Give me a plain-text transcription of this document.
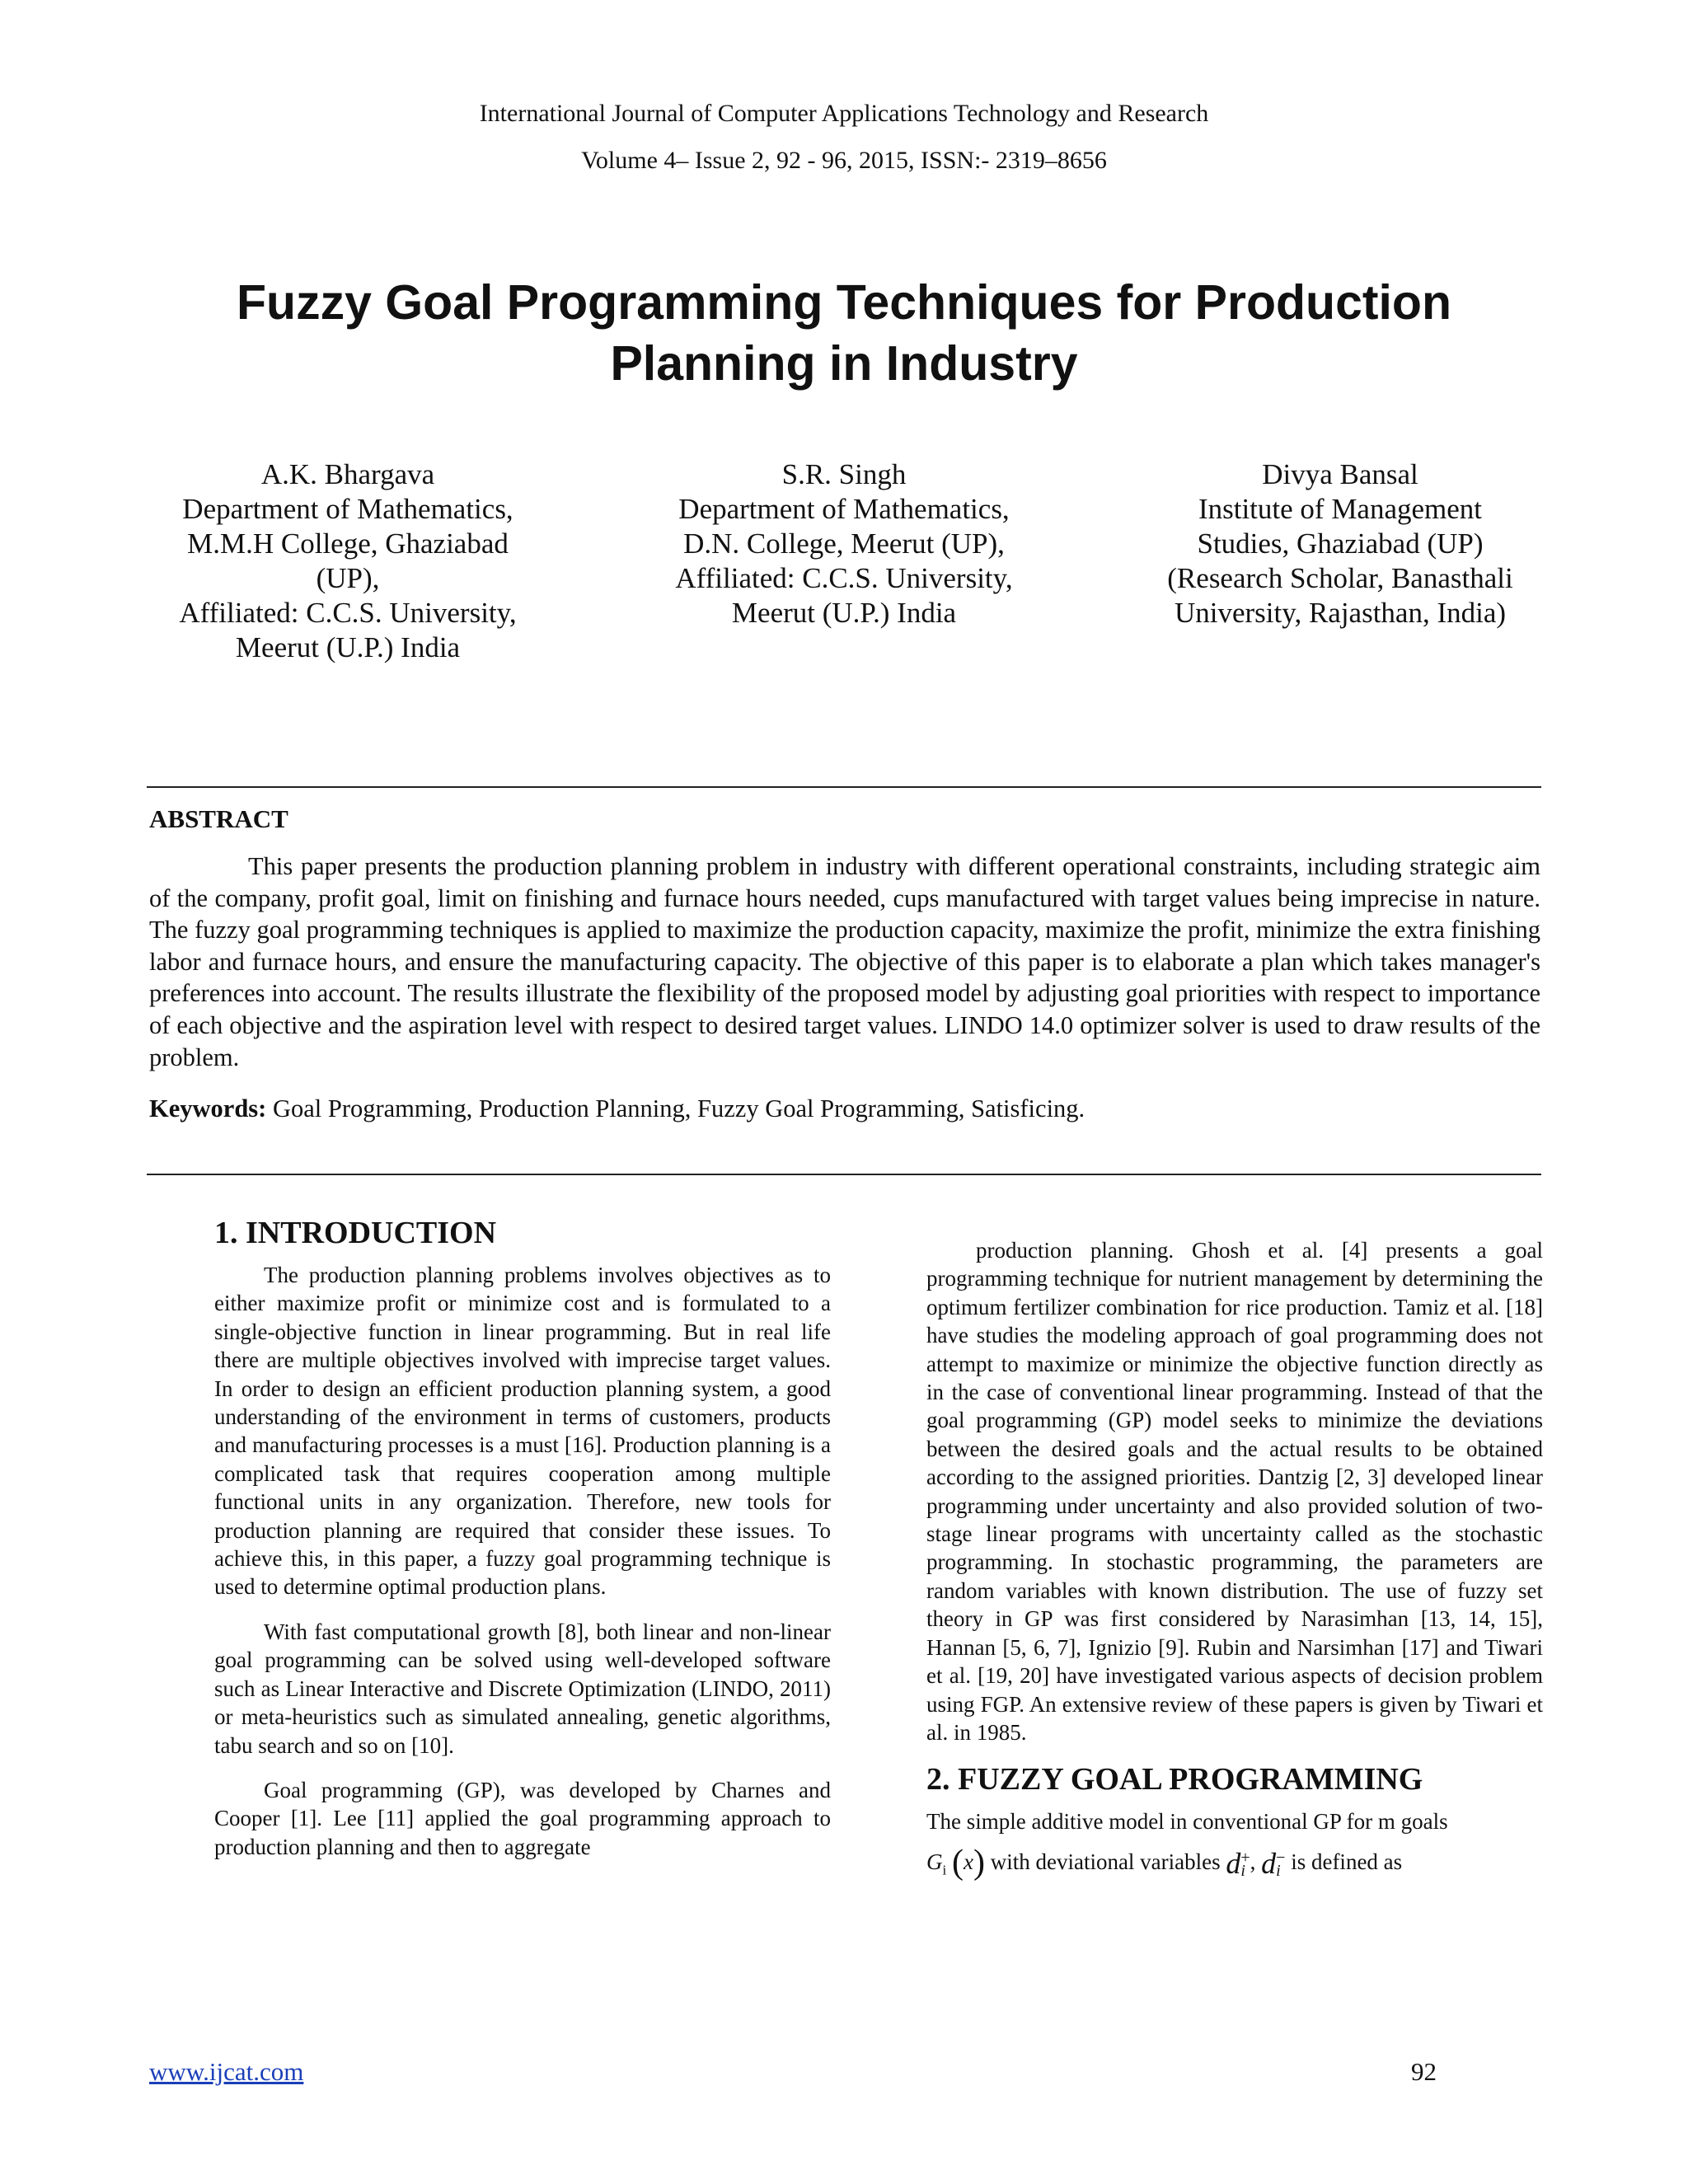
International Journal of Computer Applications Technology and Research
Volume 4– Issue 2, 92 - 96, 2015, ISSN:- 2319–8656
Fuzzy Goal Programming Techniques for Production Planning in Industry
A.K. Bhargava
Department of Mathematics,
M.M.H College, Ghaziabad
(UP),
Affiliated: C.C.S. University,
Meerut (U.P.) India
S.R. Singh
Department of Mathematics,
D.N. College, Meerut (UP),
Affiliated: C.C.S. University,
Meerut (U.P.) India
Divya Bansal
Institute of Management
Studies, Ghaziabad (UP)
(Research Scholar, Banasthali
University, Rajasthan, India)
ABSTRACT

This paper presents the production planning problem in industry with different operational constraints, including strategic aim of the company, profit goal, limit on finishing and furnace hours needed, cups manufactured with target values being imprecise in nature. The fuzzy goal programming techniques is applied to maximize the production capacity, maximize the profit, minimize the extra finishing labor and furnace hours, and ensure the manufacturing capacity. The objective of this paper is to elaborate a plan which takes manager's preferences into account. The results illustrate the flexibility of the proposed model by adjusting goal priorities with respect to importance of each objective and the aspiration level with respect to desired target values. LINDO 14.0 optimizer solver is used to draw results of the problem.

Keywords: Goal Programming, Production Planning, Fuzzy Goal Programming, Satisficing.
1. INTRODUCTION

The production planning problems involves objectives as to either maximize profit or minimize cost and is formulated to a single-objective function in linear programming. But in real life there are multiple objectives involved with imprecise target values. In order to design an efficient production planning system, a good understanding of the environment in terms of customers, products and manufacturing processes is a must [16]. Production planning is a complicated task that requires cooperation among multiple functional units in any organization. Therefore, new tools for production planning are required that consider these issues. To achieve this, in this paper, a fuzzy goal programming technique is used to determine optimal production plans.

With fast computational growth [8], both linear and non-linear goal programming can be solved using well-developed software such as Linear Interactive and Discrete Optimization (LINDO, 2011) or meta-heuristics such as simulated annealing, genetic algorithms, tabu search and so on [10].

Goal programming (GP), was developed by Charnes and Cooper [1]. Lee [11] applied the goal programming approach to production planning and then to aggregate

production planning. Ghosh et al. [4] presents a goal programming technique for nutrient management by determining the optimum fertilizer combination for rice production. Tamiz et al. [18] have studies the modeling approach of goal programming does not attempt to maximize or minimize the objective function directly as in the case of conventional linear programming. Instead of that the goal programming (GP) model seeks to minimize the deviations between the desired goals and the actual results to be obtained according to the assigned priorities. Dantzig [2, 3] developed linear programming under uncertainty and also provided solution of two-stage linear programs with uncertainty called as the stochastic programming. In stochastic programming, the parameters are random variables with known distribution. The use of fuzzy set theory in GP was first considered by Narasimhan [13, 14, 15], Hannan [5, 6, 7], Ignizio [9]. Rubin and Narsimhan [17] and Tiwari et al. [19, 20] have investigated various aspects of decision problem using FGP. An extensive review of these papers is given by Tiwari et al. in 1985.

2. FUZZY GOAL PROGRAMMING

The simple additive model in conventional GP for m goals

$G_i$ (x) with deviational variables d +
i , d −
i is defined as
www.ijcat.com	92
